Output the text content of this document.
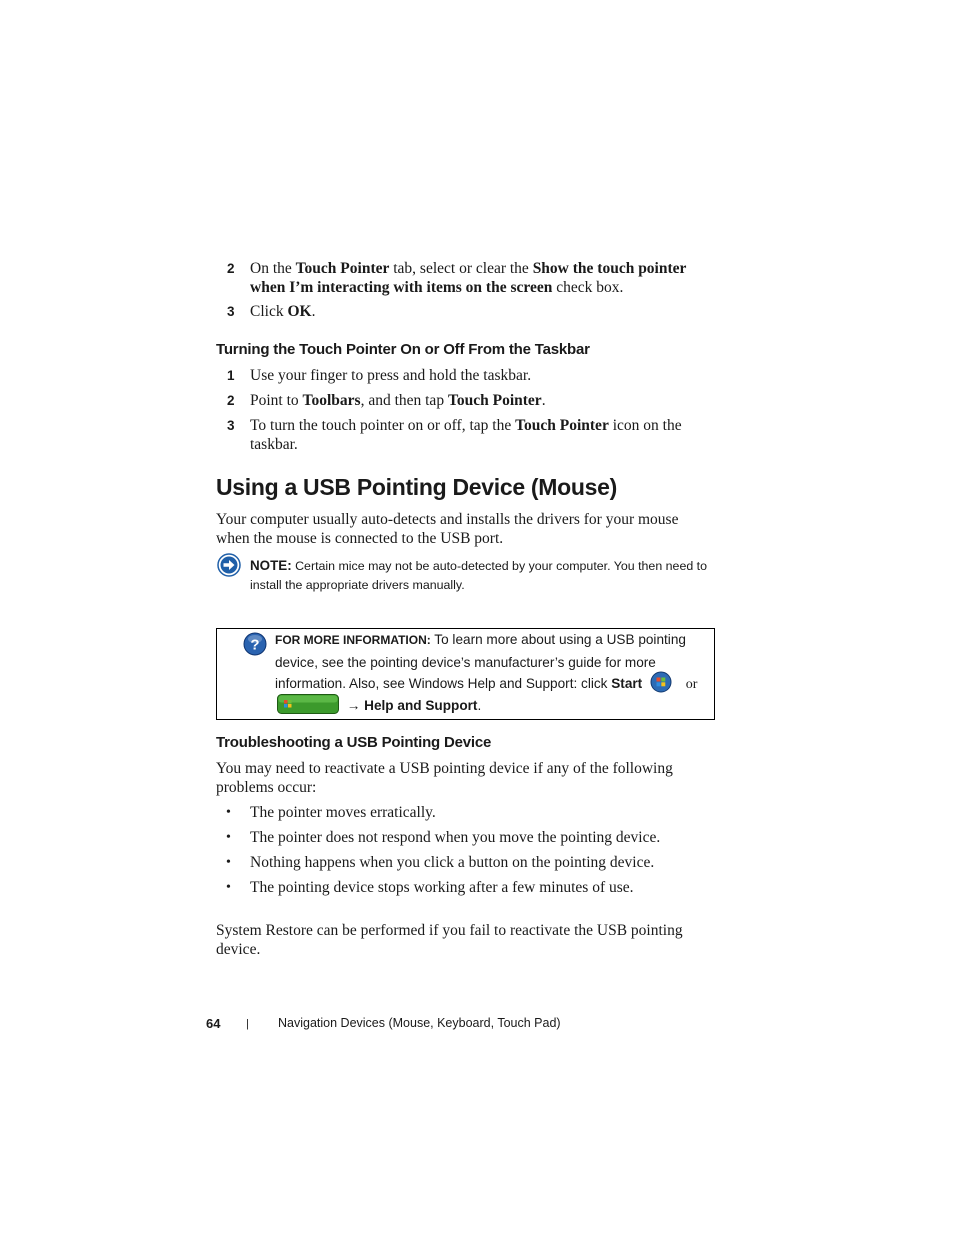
2 On the Touch Pointer tab, select or clear the Show the touch pointer
when I’m interacting with items on the screen check box.
3 Click OK.
Turning the Touch Pointer On or Off From the Taskbar
1 Use your finger to press and hold the taskbar.
2 Point to Toolbars, and then tap Touch Pointer.
3 To turn the touch pointer on or off, tap the Touch Pointer icon on the
taskbar.
Using a USB Pointing Device (Mouse)
Your computer usually auto-detects and installs the drivers for your mouse
when the mouse is connected to the USB port.
NOTE: Certain mice may not be auto-detected by your computer. You then need to
install the appropriate drivers manually.
? FOR MORE INFORMATION: To learn more about using a USB pointing
device, see the pointing device’s manufacturer’s guide for more
information. Also, see Windows Help and Support: click Start	or
→ Help and Support.
Troubleshooting a USB Pointing Device
You may need to reactivate a USB pointing device if any of the following
problems occur:
• The pointer moves erratically.
• The pointer does not respond when you move the pointing device.
• Nothing happens when you click a button on the pointing device.
• The pointing device stops working after a few minutes of use.
System Restore can be performed if you fail to reactivate the USB pointing
device.
64 | Navigation Devices (Mouse, Keyboard, Touch Pad)
